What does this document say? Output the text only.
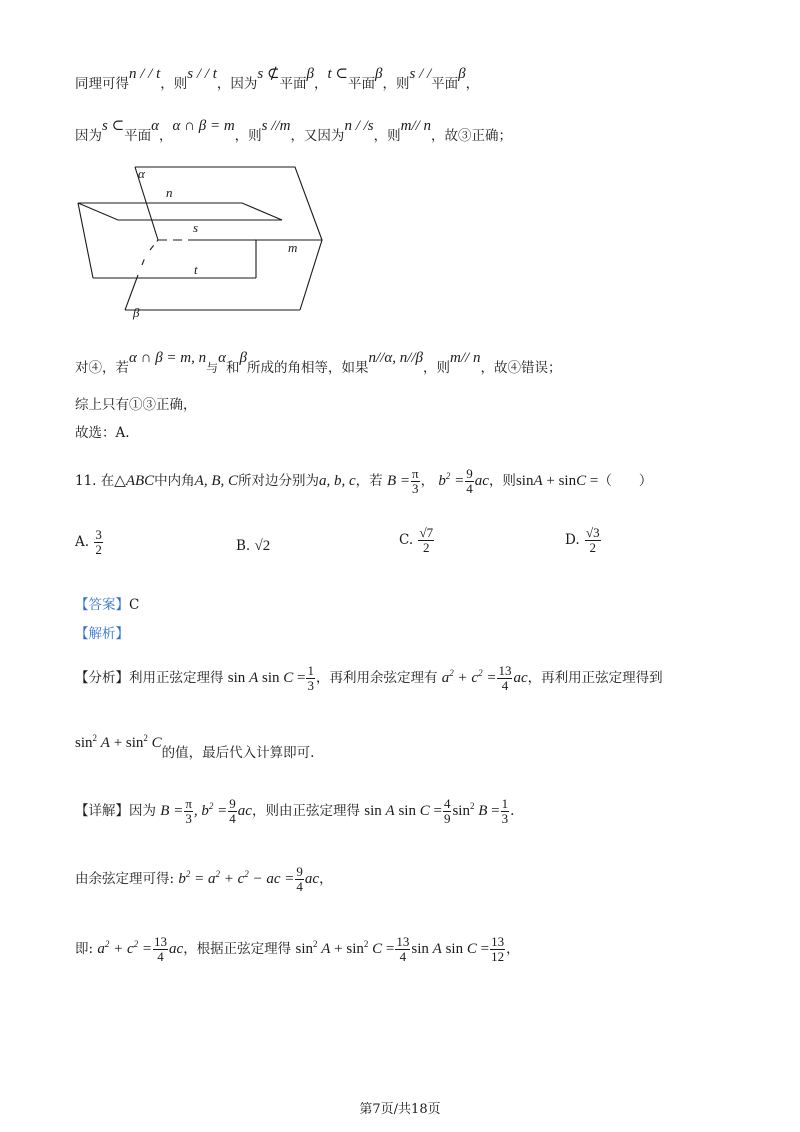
同理可得n / / t，则s / / t，因为s ⊄平面β，t ⊂平面β，则s / /平面β，
因为s ⊂平面α，α ∩ β = m，则s //m，又因为n / /s，则m// n，故③正确；
α
n
s
m
t
β
对④，若α ∩ β = m, n与α和β所成的角相等，如果n//α, n//β，则m// n，故④错误；
综上只有①③正确，
故选：A.
11. 在△ABC中内角A, B, C所对边分别为a, b, c，若 $B = \frac{\pi}{3}$ ， $b^2 = \frac{9}{4}$ ac，则sinA + sinC =（　　）
A. $\frac{3}{2}$	B. √2	C. $\frac{√7}{2}$	D. $\frac{√3}{2}$
【答案】C
【解析】
【分析】利用正弦定理得 sin A $\sin C = \frac{1}{3}$ ，再利用余弦定理有 $a^2 + c^2 = \frac{13}{4}$ ac，再利用正弦定理得到
$\sin^2 A + \sin^2 C$的值，最后代入计算即可.
【详解】因为 $B = \frac{\pi}{3}$ , $b^2 = \frac{9}{4}$ ac，则由正弦定理得 sin A $\sin C = \frac{4}{9} \sin^2 B = \frac{1}{3}$ .
由余弦定理可得: $b^2 = a^2 + c^2$ − ac = $\frac{9}{4}$ ac，
即: $a^2 + c^2 = \frac{13}{4}$ ac，根据正弦定理得 $\sin^2 A + \sin^2 C = \frac{13}{4}$ sin A $\sin C = \frac{13}{12}$ ，
第7页/共18页
